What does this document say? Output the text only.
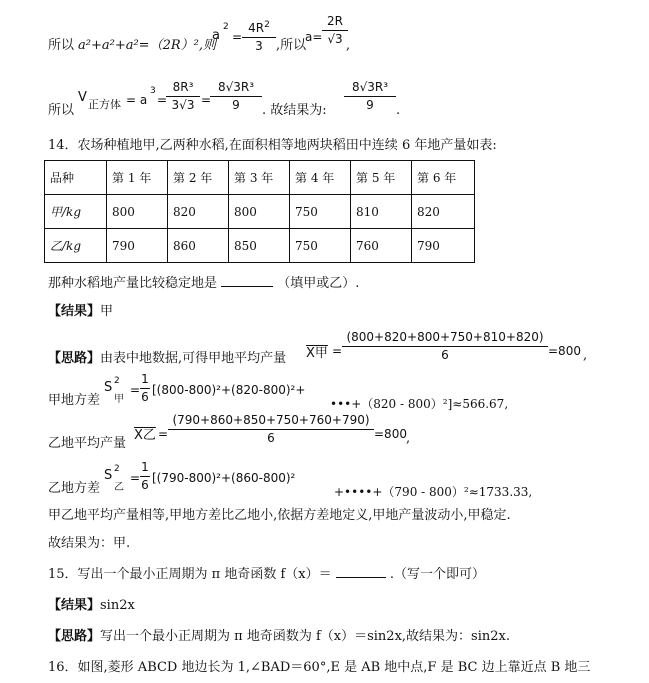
所以 a²+a²+a²=（2R）²,则
a
2
=
$4R^2$
3	,所以
a=
2R
√3 ,
所以
V 正方体 = a
3
=
8R³
3√3 =
8√3R³
9	. 故结果为:
8√3R³
9	.
14．农场种植地甲,乙两种水稻,在面积相等地两块稻田中连续 6 年地产量如表:
品种	第 1 年	第 2 年	第 3 年	第 4 年	第 5 年	第 6 年
甲/kg	800	820	800	750	810	820
乙/kg	790	860	850	750	760	790
那种水稻地产量比较稳定地是	（填甲或乙）.
【结果】甲
【思路】由表中地数据,可得甲地平均产量 X甲 =
(800+820+800+750+810+820)
6	=800 ,
甲地方差
S 2
甲
=
1
6 [(800-800)²+(820-800)²+
•••+（820 - 800）²]≈566.67,
乙地平均产量
X乙 =
(790+860+850+750+760+790)
6	=800 ,
乙地方差
S 2
乙
=
1
6 [(790-800)²+(860-800)²
+••••+（790 - 800）²≈1733.33,
甲乙地平均产量相等,甲地方差比乙地小,依据方差地定义,甲地产量波动小,甲稳定.
故结果为：甲.
15．写出一个最小正周期为 π 地奇函数 f（x）＝	.（写一个即可）
【结果】sin2x
【思路】写出一个最小正周期为 π 地奇函数为 f（x）＝sin2x,故结果为：sin2x.
16．如图,菱形 ABCD 地边长为 1,∠BAD＝60°,E 是 AB 地中点,F 是 BC 边上靠近点 B 地三
